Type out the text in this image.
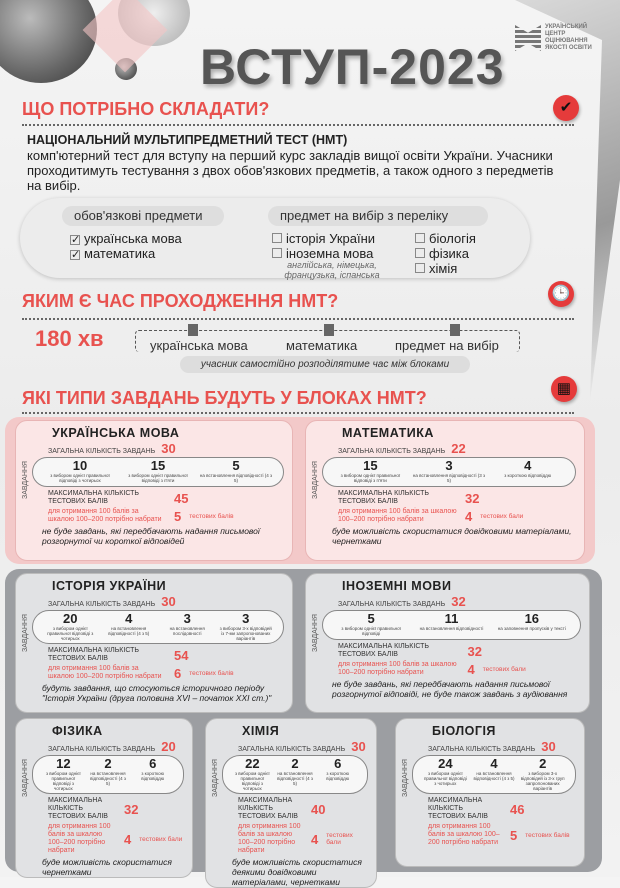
ВСТУП-2023
УКРАЇНСЬКИЙ
ЦЕНТР
ОЦІНЮВАННЯ
ЯКОСТІ ОСВІТИ
ЩО ПОТРІБНО СКЛАДАТИ?	✔
НАЦІОНАЛЬНИЙ МУЛЬТИПРЕДМЕТНИЙ ТЕСТ (НМТ)
комп'ютерний тест для вступу на перший курс закладів вищої освіти України. Учасники проходитимуть тестування з двох обов'язкових предметів, а також одного з передметів на вибір.
обов'язкові предмети	предмет на вибір з переліку
✓ українська мова
✓ математика
історія України
іноземна мова
англійська, німецька, французька, іспанська
біологія
фізика
хімія
ЯКИМ Є ЧАС ПРОХОДЖЕННЯ НМТ?	🕒
180 хв	українська мова	математика	предмет на вибір
учасник самостійно розподілятиме час між блоками
ЯКІ ТИПИ ЗАВДАНЬ БУДУТЬ У БЛОКАХ НМТ?	▦
УКРАЇНСЬКА МОВА
ЗАГАЛЬНА КІЛЬКІСТЬ ЗАВДАНЬ 30
ЗАВДАННЯ	10
з вибором однієї правильної відповіді з чотирьох
15
з вибором однієї правильної відповіді з п'яти
5
на встановлення відповідності (4 з 5)
МАКСИМАЛЬНА КІЛЬКІСТЬ ТЕСТОВИХ БАЛІВ	45
для отримання 100 балів за шкалою 100–200 потрібно набрати 5 тестових балів
не буде завдань, які передбачають надання письмової розгорнутої чи короткої відповідей
МАТЕМАТИКА
ЗАГАЛЬНА КІЛЬКІСТЬ ЗАВДАНЬ 22
ЗАВДАННЯ	15
з вибором однієї правильної відповіді з п'яти
3
на встановлення відповідності (3 з 5)
4
з короткою відповіддю
МАКСИМАЛЬНА КІЛЬКІСТЬ ТЕСТОВИХ БАЛІВ	32
для отримання 100 балів за шкалою 100–200 потрібно набрати	4 тестових бали
буде можливість скористатися довідковими матеріалами, чернетками
ІСТОРІЯ УКРАЇНИ
ЗАГАЛЬНА КІЛЬКІСТЬ ЗАВДАНЬ 30
ЗАВДАННЯ	20
з вибором однієї правильної відповіді з чотирьох
4
на встановлення відповідності (4 з 5)
3
на встановлення послідовності
3
з вибором 3-х відповідей із 7-ми запропонованих варіантів
МАКСИМАЛЬНА КІЛЬКІСТЬ ТЕСТОВИХ БАЛІВ	54
для отримання 100 балів за шкалою 100–200 потрібно набрати 6 тестових балів
будуть завдання, що стосуються історичного періоду "Історія України (друга половина XVI – початок XXI ст.)"
ІНОЗЕМНІ МОВИ
ЗАГАЛЬНА КІЛЬКІСТЬ ЗАВДАНЬ 32
ЗАВДАННЯ	5
з вибором однієї правильної відповіді
11
на встановлення відповідності
16
на заповнення пропусків у тексті
МАКСИМАЛЬНА КІЛЬКІСТЬ ТЕСТОВИХ БАЛІВ	32
для отримання 100 балів за шкалою 100–200 потрібно набрати	4 тестових бали
не буде завдань, які передбачають надання письмової розгорнутої відповіді, не буде також завдань з аудіювання
ФІЗИКА
ЗАГАЛЬНА КІЛЬКІСТЬ ЗАВДАНЬ 20
ЗАВДАННЯ	12
з вибором однієї правильної відповіді з чотирьох
2
на встановлення відповідності (4 з 5)
6
з короткою відповіддю
МАКСИМАЛЬНА КІЛЬКІСТЬ ТЕСТОВИХ БАЛІВ	32
для отримання 100 балів за шкалою 100–200 потрібно набрати
4 тестових бали
буде можливість скористатися чернетками
ХІМІЯ
ЗАГАЛЬНА КІЛЬКІСТЬ ЗАВДАНЬ 30
ЗАВДАННЯ	22
з вибором однієї правильної відповіді з чотирьох
2
на встановлення відповідності (4 з 5)
6
з короткою відповіддю
МАКСИМАЛЬНА КІЛЬКІСТЬ ТЕСТОВИХ БАЛІВ	40
для отримання 100 балів за шкалою 100–200 потрібно набрати
4 тестових бали
буде можливість скористатися деякими довідковими матеріалами, чернетками
БІОЛОГІЯ
ЗАГАЛЬНА КІЛЬКІСТЬ ЗАВДАНЬ 30
ЗАВДАННЯ	24
з вибором однієї правильної відповіді з чотирьох
4
на встановлення відповідності (4 з 5)
2
з вибором 3-х відповідей із 3-х груп запропонованих варіантів
МАКСИМАЛЬНА КІЛЬКІСТЬ ТЕСТОВИХ БАЛІВ	46
для отримання 100 балів за шкалою 100–200 потрібно набрати 5 тестових балів
